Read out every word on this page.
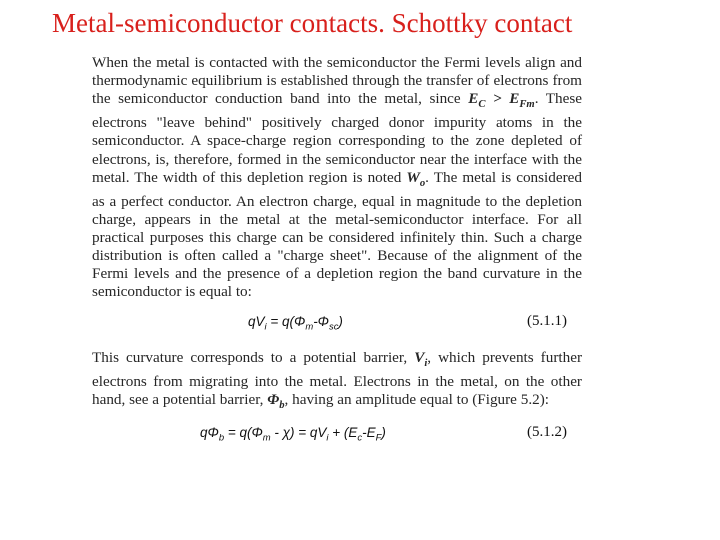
Metal-semiconductor contacts. Schottky contact
When the metal is contacted with the semiconductor the Fermi levels align and thermodynamic equilibrium is established through the transfer of electrons from the semiconductor conduction band into the metal, since $E_C > E_{Fm}$. These electrons "leave behind" positively charged donor impurity atoms in the semiconductor. A space-charge region corresponding to the zone depleted of electrons, is, therefore, formed in the semiconductor near the interface with the metal. The width of this depletion region is noted $W_o$. The metal is considered as a perfect conductor. An electron charge, equal in magnitude to the depletion charge, appears in the metal at the metal-semiconductor interface. For all practical purposes this charge can be considered infinitely thin. Such a charge distribution is often called a "charge sheet". Because of the alignment of the Fermi levels and the presence of a depletion region the band curvature in the semiconductor is equal to:
$qV_i = q(\Phi_m-\Phi_{sc})$	(5.1.1)
This curvature corresponds to a potential barrier, $V_i$, which prevents further electrons from migrating into the metal. Electrons in the metal, on the other hand, see a potential barrier, $\Phi_b$, having an amplitude equal to (Figure 5.2):
$q\Phi_b = q(\Phi_m - \chi) = qV_i + (E_c-E_F)$	(5.1.2)
